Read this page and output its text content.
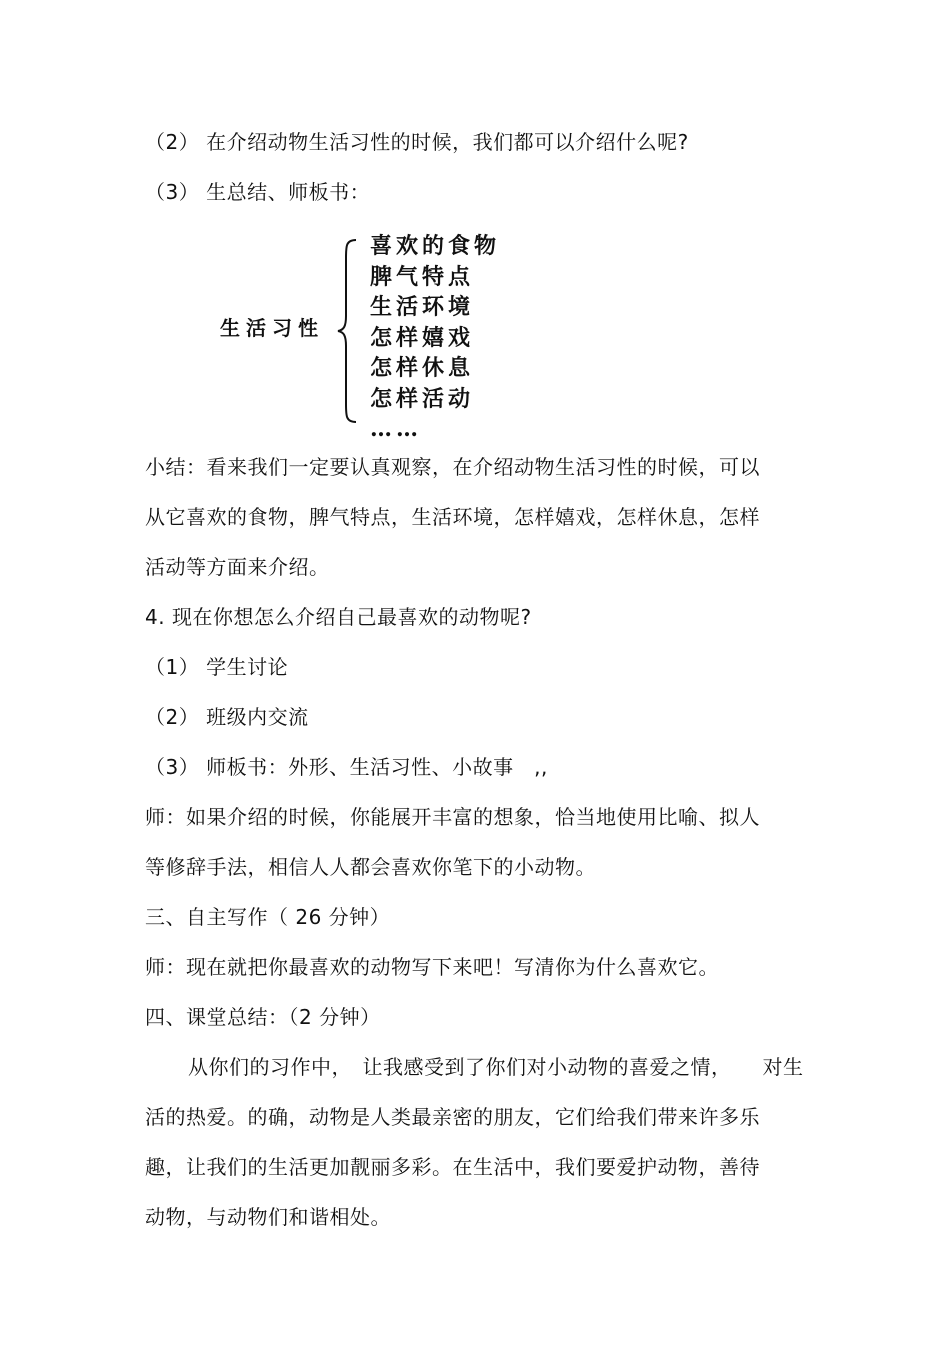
（2） 在介绍动物生活习性的时候，我们都可以介绍什么呢?
（3） 生总结、师板书：
生活习性
喜欢的食物
脾气特点
生活环境
怎样嬉戏
怎样休息
怎样活动
……
小结：看来我们一定要认真观察，在介绍动物生活习性的时候，可以
从它喜欢的食物，脾气特点，生活环境，怎样嬉戏，怎样休息，怎样
活动等方面来介绍。
4. 现在你想怎么介绍自己最喜欢的动物呢?
（1） 学生讨论
（2） 班级内交流
（3） 师板书：外形、生活习性、小故事　,,
师：如果介绍的时候，你能展开丰富的想象，恰当地使用比喻、拟人
等修辞手法，相信人人都会喜欢你笔下的小动物。
三、自主写作（ 26 分钟）
师：现在就把你最喜欢的动物写下来吧！写清你为什么喜欢它。
四、课堂总结：（2 分钟）
从你们的习作中，　让我感受到了你们对小动物的喜爱之情，　　对生
活的热爱。的确，动物是人类最亲密的朋友，它们给我们带来许多乐
趣，让我们的生活更加靓丽多彩。在生活中，我们要爱护动物，善待
动物，与动物们和谐相处。
